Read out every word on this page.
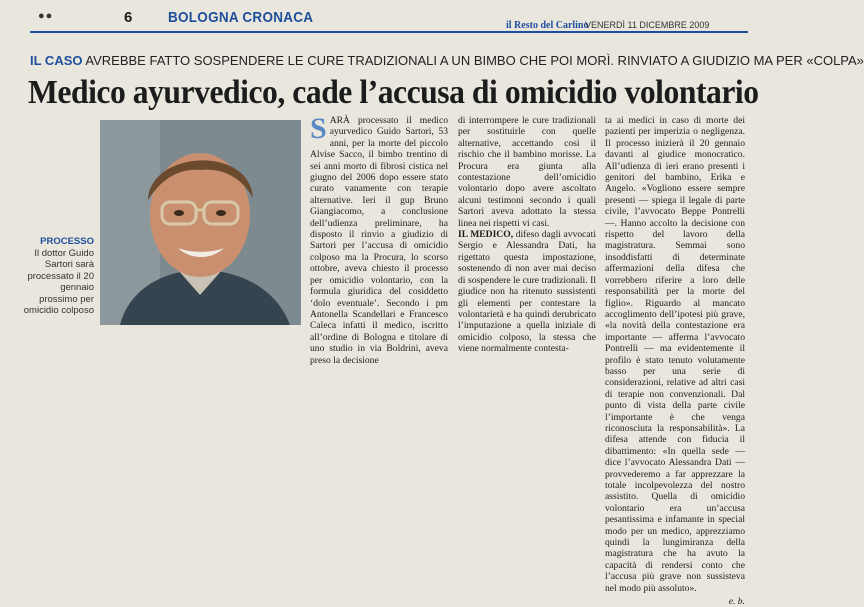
●●	6 BOLOGNA CRONACA	il Resto del Carlino
VENERDÌ 11 DICEMBRE 2009
IL CASO AVREBBE FATTO SOSPENDERE LE CURE TRADIZIONALI A UN BIMBO CHE POI MORÌ. RINVIATO A GIUDIZIO MA PER «COLPA»
Medico ayurvedico, cade l’accusa di omicidio volontario
PROCESSO
Il dottor Guido Sartori sarà processato il 20 gennaio prossimo per omicidio colposo
S ARÀ processato il medico ayurvedico Guido Sartori, 53 anni, per la morte del piccolo Alvise Sacco, il bimbo trentino di sei anni morto di fibrosi cistica nel giugno del 2006 dopo essere stato curato vanamente con terapie alternative. Ieri il gup Bruno Giangiacomo, a conclusione dell’udienza preliminare, ha disposto il rinvio a giudizio di Sartori per l’accusa di omicidio colposo ma la Procura, lo scorso ottobre, aveva chiesto il processo per omicidio volontario, con la formula giuridica del cosiddetto ‘dolo eventuale’. Secondo i pm Antonella Scandellari e Francesco Caleca infatti il medico, iscritto all’ordine di Bologna e titolare di uno studio in via Boldrini, aveva preso la decisione

di interrompere le cure tradizionali per sostituirle con quelle alternative, accettando così il rischio che il bambino morisse. La Procura era giunta alla contestazione dell’omicidio volontario dopo avere ascoltato alcuni testimoni secondo i quali Sartori aveva adottato la stessa linea nei rispetti vi casi.

IL MEDICO, difeso dagli avvocati Sergio e Alessandra Dati, ha rigettato questa impostazione, sostenendo di non aver mai deciso di sospendere le cure tradizionali. Il giudice non ha ritenuto sussistenti gli elementi per contestare la volontarietà e ha quindi derubricato l’imputazione a quella iniziale di omicidio colposo, la stessa che viene normalmente contesta-

ta ai medici in caso di morte dei pazienti per imperizia o negligenza. Il processo inizierà il 20 gennaio davanti al giudice monocratico. All’udienza di ieri erano presenti i genitori del bambino, Erika e Angelo. «Vogliono essere sempre presenti — spiega il legale di parte civile, l’avvocato Beppe Pontrelli —. Hanno accolto la decisione con rispetto del lavoro della magistratura. Semmai sono insoddisfatti di determinate affermazioni della difesa che vorrebbero riferire a loro delle responsabilità per la morte del figlio». Riguardo al mancato accoglimento dell’ipotesi più grave, «la novità della contestazione era importante — afferma l’avvocato Pontrelli — ma evidentemente il profilo è stato tenuto volutamente basso per una serie di considerazioni, relative ad altri casi di terapie non convenzionali. Dal punto di vista della parte civile l’importante è che venga riconosciuta la responsabilità». La difesa attende con fiducia il dibattimento: «In quella sede — dice l’avvocato Alessandra Dati — provvederemo a far apprezzare la totale incolpevolezza del nostro assistito. Quella di omicidio volontario era un’accusa pesantissima e infamante in special modo per un medico, apprezziamo quindi la lungimiranza della magistratura che ha avuto la capacità di rendersi conto che l’accusa più grave non sussisteva nel modo più assoluto».

e. b.
